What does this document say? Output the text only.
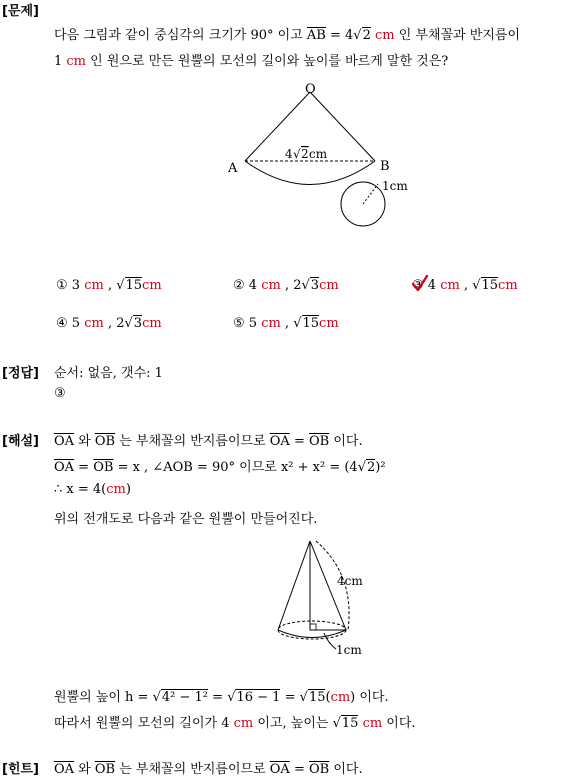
[문제]
다음 그림과 같이 중심각의 크기가 90° 이고 $\overline{AB} = 4√2$ cm 인 부채꼴과 반지름이
1 cm 인 원으로 만든 원뿔의 모선의 길이와 높이를 바르게 말한 것은?
O
A	B
4 √ 2 cm
1cm
① 3 cm , √15cm	② 4 cm , 2√3cm	③ 4 cm , √15cm
④ 5 cm , 2√3cm	⑤ 5 cm , √15cm
[정답] 순서: 없음, 갯수: 1
③
[해설] $\overline{OA}$ 와 $\overline{OB}$ 는 부채꼴의 반지름이므로 $\overline{OA} = \overline{OB}$ 이다.
$\overline{OA} = \overline{OB} = x$ , ∠AOB = 90° 이므로 x² + x² = (4√2)²
∴ x = 4(cm)
위의 전개도로 다음과 같은 원뿔이 만들어진다.
4cm
1cm
원뿔의 높이 h = √4² − 1² = √16 − 1 = √15(cm) 이다.
따라서 원뿔의 모선의 길이가 4 cm 이고, 높이는 √15 cm 이다.
[힌트] $\overline{OA}$ 와 $\overline{OB}$ 는 부채꼴의 반지름이므로 $\overline{OA} = \overline{OB}$ 이다.
